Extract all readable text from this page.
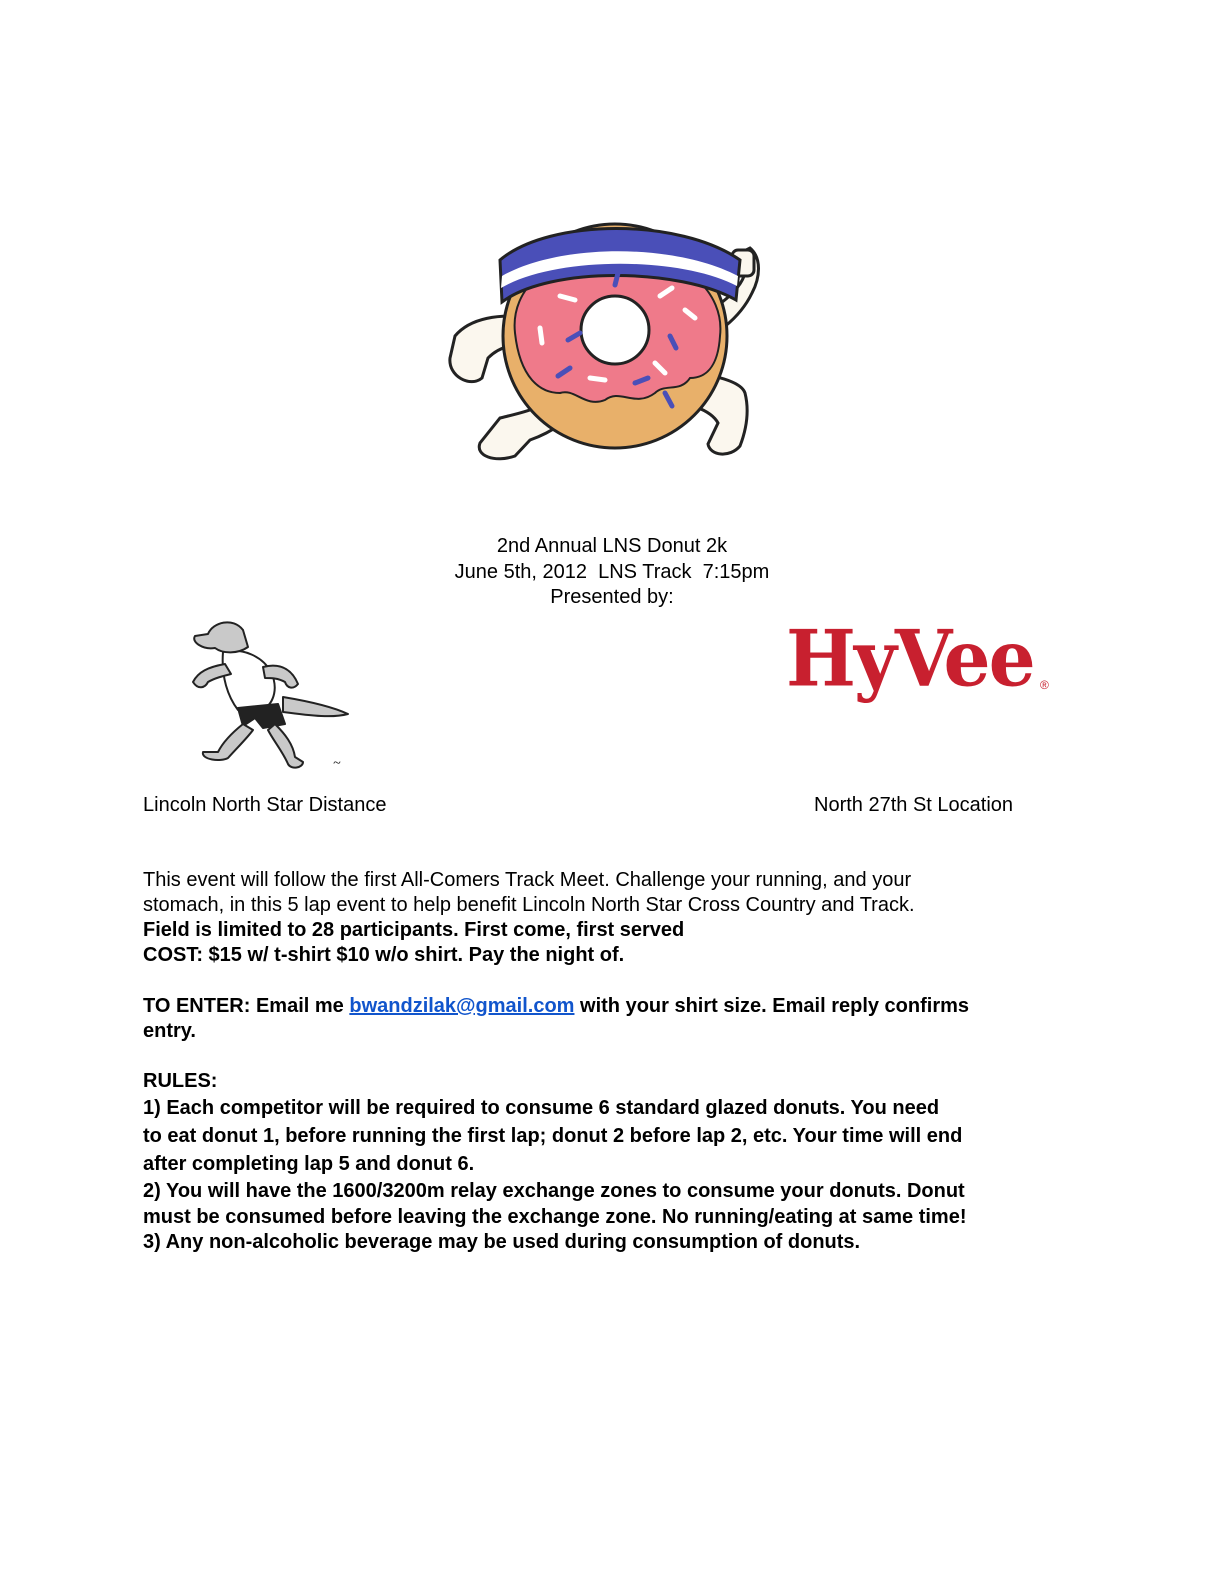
2nd Annual LNS Donut 2k
June 5th, 2012  LNS Track  7:15pm
Presented by:
~
HyVee ®
Lincoln North Star Distance	North 27th St Location

This event will follow the first All-Comers Track Meet. Challenge your running, and your

stomach, in this 5 lap event to help benefit Lincoln North Star Cross Country and Track.

Field is limited to 28 participants. First come, first served

COST: $15 w/ t-shirt $10 w/o shirt. Pay the night of.

TO ENTER: Email me bwandzilak@gmail.com with your shirt size. Email reply confirms

entry.

RULES:

1) Each competitor will be required to consume 6 standard glazed donuts. You need

to eat donut 1, before running the first lap; donut 2 before lap 2, etc. Your time will end

after completing lap 5 and donut 6.

2) You will have the 1600/3200m relay exchange zones to consume your donuts. Donut

must be consumed before leaving the exchange zone. No running/eating at same time!

3) Any non-alcoholic beverage may be used during consumption of donuts.
